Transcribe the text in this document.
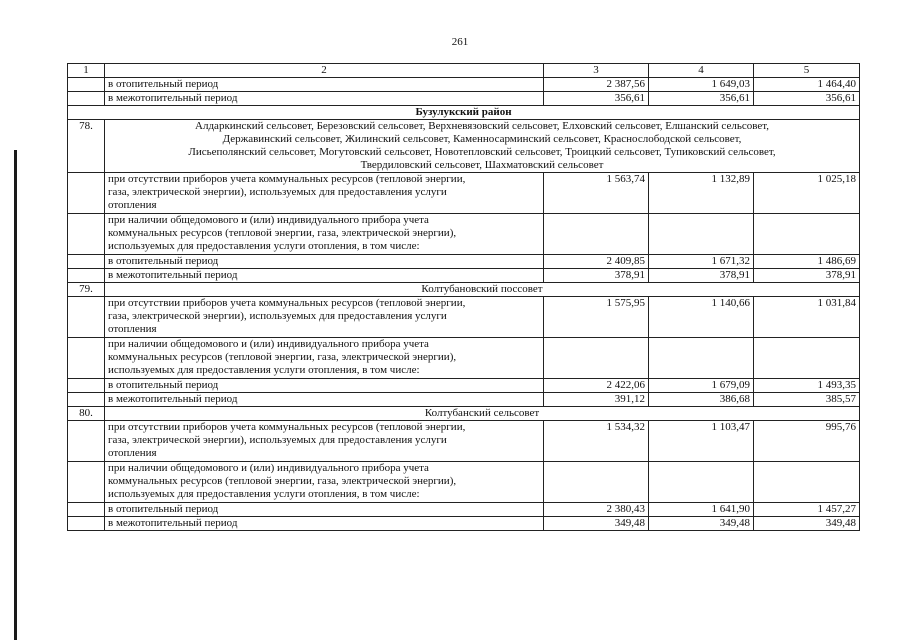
261
1	2	3	4	5
	в отопительный период	2 387,56	1 649,03	1 464,40
	в межотопительный период	356,61	356,61	356,61
Бузулукский район				
78.	Алдаркинский сельсовет, Березовский сельсовет, Верхневязовский сельсовет, Елховский сельсовет, Елшанский сельсовет,
Державинский сельсовет, Жилинский сельсовет, Каменносарминский сельсовет, Краснослободской сельсовет,
Лисьеполянский сельсовет, Могутовский сельсовет, Новотепловский сельсовет, Троицкий сельсовет, Тупиковский сельсовет,
Твердиловский сельсовет, Шахматовский сельсовет			

	при отсутствии приборов учета коммунальных ресурсов (тепловой энергии,
газа, электрической энергии), используемых для предоставления услуги
отопления	1 563,74	1 132,89	1 025,18

	при наличии общедомового и (или) индивидуального прибора учета
коммунальных ресурсов (тепловой энергии, газа, электрической энергии),
используемых для предоставления услуги отопления, в том числе:			

	в отопительный период	2 409,85	1 671,32	1 486,69
	в межотопительный период	378,91	378,91	378,91
79.	Колтубановский поссовет			

	при отсутствии приборов учета коммунальных ресурсов (тепловой энергии,
газа, электрической энергии), используемых для предоставления услуги
отопления	1 575,95	1 140,66	1 031,84

	при наличии общедомового и (или) индивидуального прибора учета
коммунальных ресурсов (тепловой энергии, газа, электрической энергии),
используемых для предоставления услуги отопления, в том числе:			

	в отопительный период	2 422,06	1 679,09	1 493,35
	в межотопительный период	391,12	386,68	385,57
80.	Колтубанский сельсовет			

	при отсутствии приборов учета коммунальных ресурсов (тепловой энергии,
газа, электрической энергии), используемых для предоставления услуги
отопления	1 534,32	1 103,47	995,76

	при наличии общедомового и (или) индивидуального прибора учета
коммунальных ресурсов (тепловой энергии, газа, электрической энергии),
используемых для предоставления услуги отопления, в том числе:			

	в отопительный период	2 380,43	1 641,90	1 457,27
	в межотопительный период	349,48	349,48	349,48
